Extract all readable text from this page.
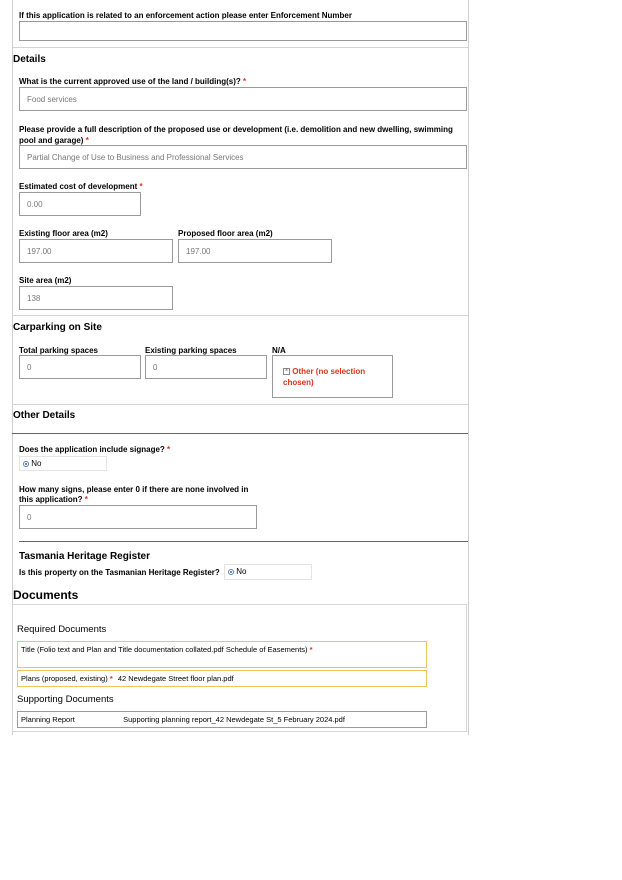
If this application is related to an enforcement action please enter Enforcement Number
Details
What is the current approved use of the land / building(s)? *
Food services
Please provide a full description of the proposed use or development (i.e. demolition and new dwelling, swimming pool and garage) *
Partial Change of Use to Business and Professional Services
Estimated cost of development *
0.00
Existing floor area (m2)
197.00
Proposed floor area (m2)
197.00
Site area (m2)
138
Carparking on Site
Total parking spaces
0
Existing parking spaces
0
N/A
× Other (no selection chosen)
Other Details
Does the application include signage? *
No
How many signs, please enter 0 if there are none involved in this application? *
0
Tasmania Heritage Register
Is this property on the Tasmanian Heritage Register?	No
Documents
Required Documents
Title (Folio text and Plan and Title documentation collated.pdf Schedule of Easements) *
Plans (proposed, existing) * 42 Newdegate Street floor plan.pdf
Supporting Documents
Planning Report	Supporting planning report_42 Newdegate St_5 February 2024.pdf
